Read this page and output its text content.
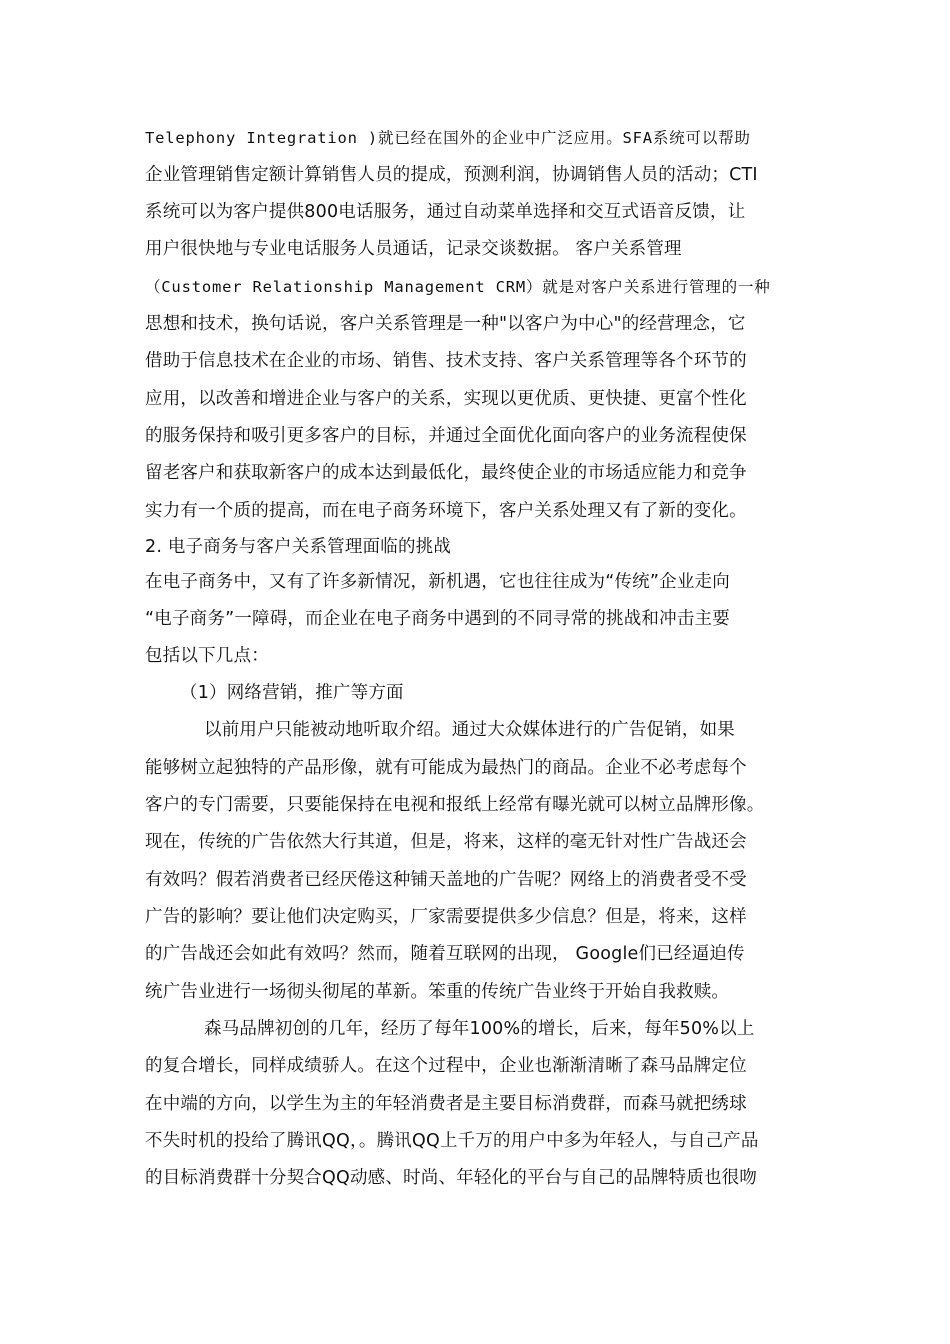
Telephony Integration )就已经在国外的企业中广泛应用。SFA系统可以帮助
企业管理销售定额计算销售人员的提成，预测利润，协调销售人员的活动；CTI
系统可以为客户提供800电话服务，通过自动菜单选择和交互式语音反馈，让
用户很快地与专业电话服务人员通话，记录交谈数据。 客户关系管理
（Customer Relationship Management CRM）就是对客户关系进行管理的一种
思想和技术，换句话说，客户关系管理是一种"以客户为中心"的经营理念，它
借助于信息技术在企业的市场、销售、技术支持、客户关系管理等各个环节的
应用，以改善和增进企业与客户的关系，实现以更优质、更快捷、更富个性化
的服务保持和吸引更多客户的目标，并通过全面优化面向客户的业务流程使保
留老客户和获取新客户的成本达到最低化，最终使企业的市场适应能力和竞争
实力有一个质的提高，而在电子商务环境下，客户关系处理又有了新的变化。
2. 电子商务与客户关系管理面临的挑战
在电子商务中，又有了许多新情况，新机遇，它也往往成为“传统”企业走向
“电子商务”一障碍，而企业在电子商务中遇到的不同寻常的挑战和冲击主要
包括以下几点：
（1）网络营销，推广等方面
以前用户只能被动地听取介绍。通过大众媒体进行的广告促销，如果
能够树立起独特的产品形像，就有可能成为最热门的商品。企业不必考虑每个
客户的专门需要，只要能保持在电视和报纸上经常有曝光就可以树立品牌形像。
现在，传统的广告依然大行其道，但是，将来，这样的毫无针对性广告战还会
有效吗？假若消费者已经厌倦这种铺天盖地的广告呢？网络上的消费者受不受
广告的影响？要让他们决定购买，厂家需要提供多少信息？但是，将来，这样
的广告战还会如此有效吗？然而，随着互联网的出现， Google们已经逼迫传
统广告业进行一场彻头彻尾的革新。笨重的传统广告业终于开始自我救赎。
森马品牌初创的几年，经历了每年100%的增长，后来，每年50%以上
的复合增长，同样成绩骄人。在这个过程中，企业也渐渐清晰了森马品牌定位
在中端的方向，以学生为主的年轻消费者是主要目标消费群，而森马就把绣球
不失时机的投给了腾讯QQ，。腾讯QQ上千万的用户中多为年轻人，与自己产品
的目标消费群十分契合QQ动感、时尚、年轻化的平台与自己的品牌特质也很吻
